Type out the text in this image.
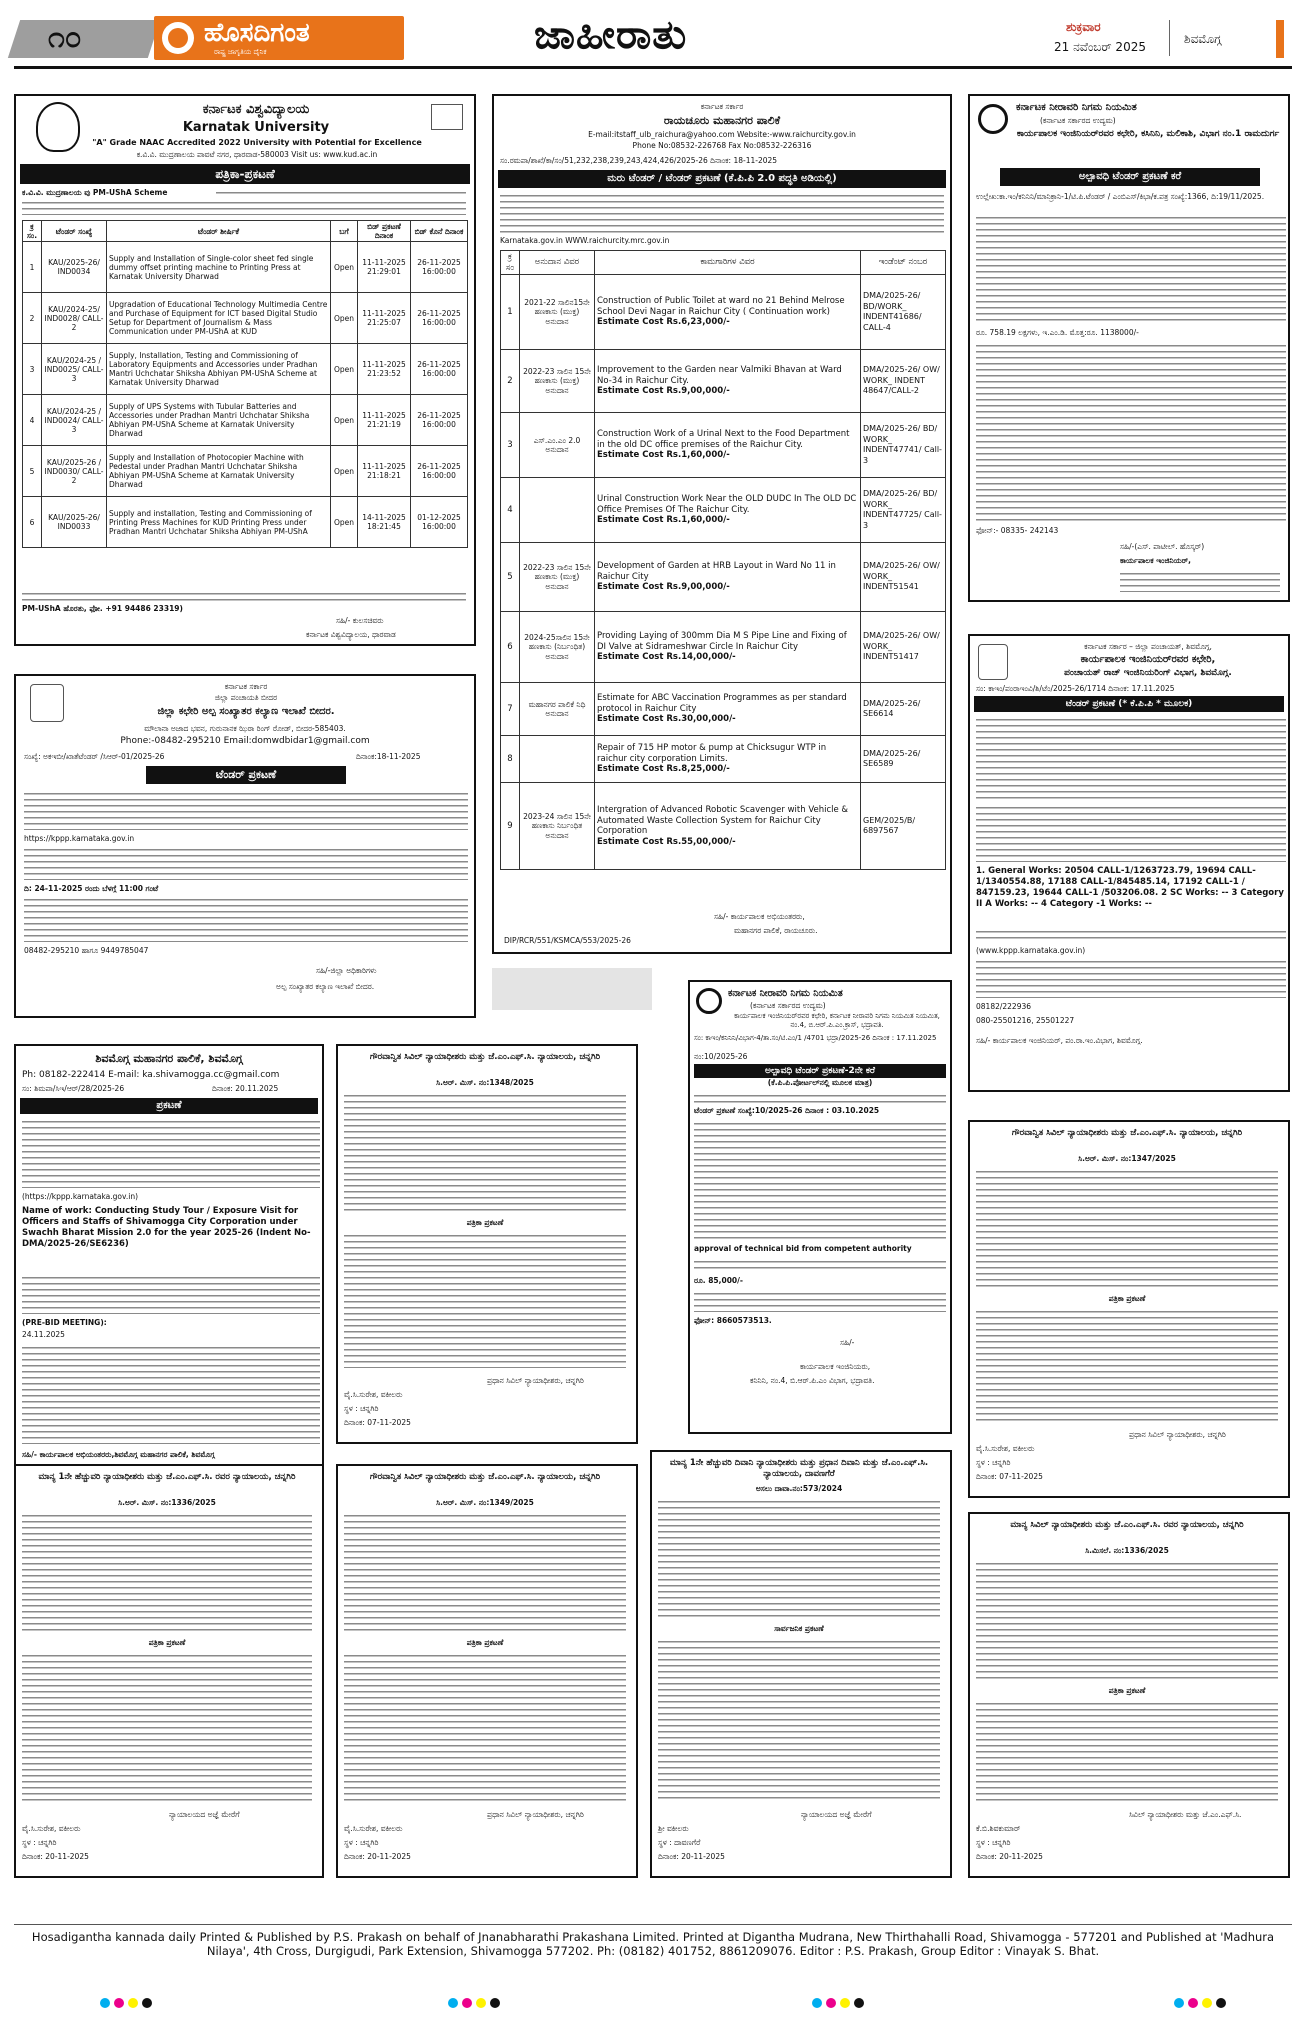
೧೦	ಹೊಸದಿಗಂತ
ರಾಷ್ಟ್ರ ಜಾಗೃತಿಯ ದೈನಿಕ	ಜಾಹೀರಾತು	ಶುಕ್ರವಾರ
21 ನವೆಂಬರ್ 2025
ಶಿವಮೊಗ್ಗ
ಕರ್ನಾಟಕ ವಿಶ್ವವಿದ್ಯಾಲಯ
Karnatak University
"A" Grade NAAC Accredited 2022 University with Potential for Excellence
ಕ.ವಿ.ವಿ. ಮುದ್ರಣಾಲಯ ಪಾವಟೆ ನಗರ, ಧಾರವಾಡ-580003 Visit us: www.kud.ac.in
ಪತ್ರಿಕಾ-ಪ್ರಕಟಣೆ
ಕ.ವಿ.ವಿ. ಮುದ್ರಣಾಲಯ ವು PM-UShA Scheme
ಕ್ರ ಸಂ.	ಟೆಂಡರ್ ಸಂಖ್ಯೆ	ಟೆಂಡರ್ ಶೀರ್ಷಿಕೆ	ಬಗೆ	ಬಿಡ್ ಪ್ರಕಟಣೆ ದಿನಾಂಕ	ಬಿಡ್ ಕೊನೆ ದಿನಾಂಕ
1	KAU/2025-26/ IND0034	Supply and Installation of Single-color sheet fed single dummy offset printing machine to Printing Press at Karnatak University Dharwad	Open	11-11-2025 21:29:01	26-11-2025 16:00:00
2	KAU/2024-25/ IND0028/ CALL-2	Upgradation of Educational Technology Multimedia Centre and Purchase of Equipment for ICT based Digital Studio Setup for Department of Journalism & Mass Communication under PM-UShA at KUD	Open	11-11-2025 21:25:07	26-11-2025 16:00:00
3	KAU/2024-25 / IND0025/ CALL-3	Supply, Installation, Testing and Commissioning of Laboratory Equipments and Accessories under Pradhan Mantri Uchchatar Shiksha Abhiyan PM-UShA Scheme at Karnatak University Dharwad	Open	11-11-2025 21:23:52	26-11-2025 16:00:00
4	KAU/2024-25 / IND0024/ CALL-3	Supply of UPS Systems with Tubular Batteries and Accessories under Pradhan Mantri Uchchatar Shiksha Abhiyan PM-UShA Scheme at Karnatak University Dharwad	Open	11-11-2025 21:21:19	26-11-2025 16:00:00
5	KAU/2025-26 / IND0030/ CALL-2	Supply and Installation of Photocopier Machine with Pedestal under Pradhan Mantri Uchchatar Shiksha Abhiyan PM-UShA Scheme at Karnatak University Dharwad	Open	11-11-2025 21:18:21	26-11-2025 16:00:00
6	KAU/2025-26/ IND0033	Supply and installation, Testing and Commissioning of Printing Press Machines for KUD Printing Press under Pradhan Mantri Uchchatar Shiksha Abhiyan PM-UShA	Open	14-11-2025 18:21:45	01-12-2025 16:00:00
PM-UShA ಹೊರತು, ಫೋ. +91 94486 23319)
ಸಹಿ/- ಕುಲಸಚಿವರು
ಕರ್ನಾಟಕ ವಿಶ್ವವಿದ್ಯಾಲಯ, ಧಾರವಾಡ
ಕರ್ನಾಟಕ ಸರ್ಕಾರ
ಜಿಲ್ಲಾ ಪಂಚಾಯತಿ ಬೀದರ
ಜಿಲ್ಲಾ ಕಛೇರಿ ಅಲ್ಪ ಸಂಖ್ಯಾತರ ಕಲ್ಯಾಣ ಇಲಾಖೆ ಬೀದರ.
ಮೌಲಾನಾ ಅಜಾದ ಭವನ, ಗುರುನಾನಕ ಝಿರಾ ರಿಂಗ್ ರೋಡ್, ಬೀದರ-585403.
Phone:-08482-295210 Email:domwdbidar1@gmail.com
ಸಂಖ್ಯೆ: ಅಕಇಬೀ/ಖಾತೆಟೆಂಡರ್ /ಸಿಆರ್-01/2025-26	ದಿನಾಂಕ:18-11-2025
ಟೆಂಡರ್ ಪ್ರಕಟಣೆ
https://kppp.karnataka.gov.in
ದಿ: 24-11-2025 ರಂದು ಬೆಳಗ್ಗೆ 11:00 ಗಂಟೆ
08482-295210 ಹಾಗೂ 9449785047
ಸಹಿ/-ಜಿಲ್ಲಾ ಅಧಿಕಾರಿಗಳು
ಅಲ್ಪ ಸಂಖ್ಯಾತರ ಕಲ್ಯಾಣ ಇಲಾಖೆ ಬೀದರ.
ಕರ್ನಾಟಕ ಸರ್ಕಾರ
ರಾಯಚೂರು ಮಹಾನಗರ ಪಾಲಿಕೆ
E-mail:itstaff_ulb_raichura@yahoo.com Website:-www.raichurcity.gov.in
Phone No:08532-226768 Fax No:08532-226316
ಸಂ.ರಮಪಾ/ಶಾಖೆ/ಕಾ/ಸಂ/51,232,238,239,243,424,426/2025-26 ದಿನಾಂಕ: 18-11-2025
ಮರು ಟೆಂಡರ್ / ಟೆಂಡರ್ ಪ್ರಕಟಣೆ (ಕೆ.ಪಿ.ಪಿ 2.0 ಪದ್ಧತಿ ಅಡಿಯಲ್ಲಿ)
Karnataka.gov.in WWW.raichurcity.mrc.gov.in
ಕ್ರ ಸಂ	ಅನುದಾನ ವಿವರ	ಕಾಮಗಾರಿಗಳ ವಿವರ	ಇಂಡೆಂಟ್ ನಂಬರ
1	2021-22 ಸಾಲಿನ15ನೇ ಹಣಕಾಸು (ಮುಕ್ತ) ಅನುದಾನ	Construction of Public Toilet at ward no 21 Behind Melrose School Devi Nagar in Raichur City ( Continuation work)
Estimate Cost Rs.6,23,000/-	DMA/2025-26/ BD/WORK_ INDENT41686/ CALL-4
2	2022-23 ಸಾಲಿನ 15ನೇ ಹಣಕಾಸು (ಮುಕ್ತ) ಅನುದಾನ	Improvement to the Garden near Valmiki Bhavan at Ward No-34 in Raichur City.
Estimate Cost Rs.9,00,000/-	DMA/2025-26/ OW/ WORK_ INDENT 48647/CALL-2
3	ಎಸ್.ಎಂ.ಎಂ 2.0 ಅನುದಾನ	Construction Work of a Urinal Next to the Food Department in the old DC office premises of the Raichur City.
Estimate Cost Rs.1,60,000/-	DMA/2025-26/ BD/ WORK_ INDENT47741/ Call-3
4		Urinal Construction Work Near the OLD DUDC In The OLD DC Office Premises Of The Raichur City.
Estimate Cost Rs.1,60,000/-	DMA/2025-26/ BD/ WORK_ INDENT47725/ Call-3
5	2022-23 ಸಾಲಿನ 15ನೇ ಹಣಕಾಸು (ಮುಕ್ತ) ಅನುದಾನ	Development of Garden at HRB Layout in Ward No 11 in Raichur City
Estimate Cost Rs.9,00,000/-	DMA/2025-26/ OW/ WORK_ INDENT51541
6	2024-25ಸಾಲಿನ 15ನೇ ಹಣಕಾಸು (ನಿರ್ಬಂಧಿತ) ಅನುದಾನ	Providing Laying of 300mm Dia M S Pipe Line and Fixing of DI Valve at Sidrameshwar Circle In Raichur City
Estimate Cost Rs.14,00,000/-	DMA/2025-26/ OW/ WORK_ INDENT51417
7	ಮಹಾನಗರ ಪಾಲಿಕೆ ನಿಧಿ ಅನುದಾನ	Estimate for ABC Vaccination Programmes as per standard protocol in Raichur City
Estimate Cost Rs.30,00,000/-	DMA/2025-26/ SE6614
8		Repair of 715 HP motor & pump at Chicksugur WTP in raichur city corporation Limits.
Estimate Cost Rs.8,25,000/-	DMA/2025-26/ SE6589
9	2023-24 ಸಾಲಿನ 15ನೇ ಹಣಕಾಸು ನಿರ್ಬಂಧಿತ ಅನುದಾನ	Intergration of Advanced Robotic Scavenger with Vehicle & Automated Waste Collection System for Raichur City Corporation
Estimate Cost Rs.55,00,000/-	GEM/2025/B/ 6897567
ಸಹಿ/- ಕಾರ್ಯಪಾಲಕ ಅಭಿಯಂತರರು,
ಮಹಾನಗರ ಪಾಲಿಕೆ, ರಾಯಚೂರು.
DIP/RCR/551/KSMCA/553/2025-26
ಕರ್ನಾಟಕ ನೀರಾವರಿ ನಿಗಮ ನಿಯಮಿತ
(ಕರ್ನಾಟಕ ಸರ್ಕಾರದ ಉದ್ಯಮ)
ಕಾರ್ಯಪಾಲಕ ಇಂಜಿನಿಯರ್‌ರವರ ಕಛೇರಿ, ಕಸಿನಿನಿ, ಮಲಿಕಾಶಿ, ವಿಭಾಗ ನಂ.1 ರಾಮದುರ್ಗ
ಅಲ್ಪಾವಧಿ ಟೆಂಡರ್ ಪ್ರಕಟಣೆ ಕರೆ
ಉಲ್ಲೇಖ:ಕಾ.ಇಂ/ಕನಿನಿನಿ/ಮಾನಿಕ್ರಾನಿ-1/ಟಿ.ಪಿ.ಟೆಂಡರ್ / ಎಂಬಿಎಸ್/ಕಿಭಾ/ಕ.ಪತ್ರ ಸಂಖ್ಯೆ:1366, ದಿ:19/11/2025.
ರೂ. 758.19 ಲಕ್ಷಗಳು, ಇ.ಎಂ.ಡಿ. ಮೊತ್ತ:ರೂ. 1138000/-
ಫೋನ್:- 08335- 242143
ಸಹಿ/-(ಎಸ್. ಪಾಟೀಲ್. ಹೊಸ್ಕರ್)
ಕಾರ್ಯಪಾಲಕ ಇಂಜಿನಿಯರ್,
ಕರ್ನಾಟಕ ಸರ್ಕಾರ – ಜಿಲ್ಲಾ ಪಂಚಾಯತ್, ಶಿವಮೊಗ್ಗ,
ಕಾರ್ಯಪಾಲಕ ಇಂಜಿನಿಯರ್‌ರವರ ಕಛೇರಿ,
ಪಂಚಾಯತ್ ರಾಜ್ ಇಂಜಿನಿಯರಿಂಗ್ ವಿಭಾಗ, ಶಿವಮೊಗ್ಗ.
ಸಂ: ಕಾಇಂ/ಪಂರಾಇಂವಿ/ಶಿ/ಟೆಂ/2025-26/1714 ದಿನಾಂಕ: 17.11.2025
ಟೆಂಡರ್ ಪ್ರಕಟಣೆ (* ಕೆ.ಪಿ.ಪಿ * ಮೂಲಕ)
1. General Works: 20504 CALL-1/1263723.79, 19694 CALL-1/1340554.88, 17188 CALL-1/845485.14, 17192 CALL-1 / 847159.23, 19644 CALL-1 /503206.08. 2 SC Works: -- 3 Category II A Works: -- 4 Category -1 Works: --
(www.kppp.karnataka.gov.in)
08182/222936
080-25501216, 25501227
ಸಹಿ/- ಕಾರ್ಯಪಾಲಕ ಇಂಜಿನಿಯರ್, ಪಂ.ರಾ.ಇಂ.ವಿಭಾಗ, ಶಿವಮೊಗ್ಗ.
ಶಿವಮೊಗ್ಗ ಮಹಾನಗರ ಪಾಲಿಕೆ, ಶಿವಮೊಗ್ಗ
Ph: 08182-222414 E-mail: ka.shivamogga.cc@gmail.com
ಸಂ: ಶಿಮಪಾ/ಸಿಇ/ಆರ್/28/2025-26	ದಿನಾಂಕ: 20.11.2025
ಪ್ರಕಟಣೆ
(https://kppp.karnataka.gov.in)
Name of work: Conducting Study Tour / Exposure Visit for Officers and Staffs of Shivamogga City Corporation under Swachh Bharat Mission 2.0 for the year 2025-26 (Indent No- DMA/2025-26/SE6236)
(PRE-BID MEETING):
24.11.2025
ಸಹಿ/- ಕಾರ್ಯಪಾಲಕ ಅಭಿಯಂತರರು,ಶಿವಮೊಗ್ಗ ಮಹಾನಗರ ಪಾಲಿಕೆ, ಶಿವಮೊಗ್ಗ
ಕರ್ನಾಟಕ ನೀರಾವರಿ ನಿಗಮ ನಿಯಮಿತ
(ಕರ್ನಾಟಕ ಸರ್ಕಾರದ ಉದ್ಯಮ)
ಕಾರ್ಯಪಾಲಕ ಇಂಜಿನಿಯರ್‌ರವರ ಕಛೇರಿ, ಕರ್ನಾಟಕ ನೀರಾವರಿ ನಿಗಮ ನಿಯಮಿತ ನಿಯಮಿತ, ನಂ.4, ಬಿ.ಆರ್.ಪಿ.ಎಂ.ಕ್ರಾಸ್, ಭದ್ರಾವತಿ.
ಸಂ: ಕಾಇಂ/ಕನಿನಿನಿ/ವಿಭಾಗ-4/ತಾ.ಸಂ/ಟಿ.ಎಂ/1 /4701 ಭದ್ರಾ/2025-26 ದಿನಾಂಕ : 17.11.2025
ನಂ:10/2025-26
ಅಲ್ಪಾವಧಿ ಟೆಂಡರ್ ಪ್ರಕಟಣೆ-2ನೇ ಕರೆ
(ಕೆ.ಪಿ.ಪಿ.ಪೋರ್ಟಲ್‌ನಲ್ಲಿ ಮೂಲಕ ಮಾತ್ರ)
ಟೆಂಡರ್ ಪ್ರಕಟಣೆ ಸಂಖ್ಯೆ:10/2025-26 ದಿನಾಂಕ : 03.10.2025
approval of technical bid from competent authority
ರೂ. 85,000/-
ಫೋನ್: 8660573513.
ಸಹಿ/-
ಕಾರ್ಯಪಾಲಕ ಇಂಜಿನಿಯರು,
ಕನಿನಿನಿ, ನಂ.4, ಬಿ.ಆರ್.ಪಿ.ಎಂ ವಿಭಾಗ, ಭದ್ರಾವತಿ.
ಗೌರವಾನ್ವಿತ ಸಿವಿಲ್ ನ್ಯಾಯಾಧೀಶರು ಮತ್ತು ಜೆ.ಎಂ.ಎಫ್.ಸಿ. ನ್ಯಾಯಾಲಯ, ಚನ್ನಗಿರಿ
ಸಿ.ಅರ್. ಮಿಸ್. ನಂ:1348/2025
ಪತ್ರಿಕಾ ಪ್ರಕಟಣೆ
ಪ್ರಧಾನ ಸಿವಿಲ್ ನ್ಯಾಯಾಧೀಶರು, ಚನ್ನಗಿರಿ
ವೈ.ಸಿ.ಸುರೇಶ, ವಕೀಲರು
ಸ್ಥಳ : ಚನ್ನಗಿರಿ
ದಿನಾಂಕ: 07-11-2025
ಗೌರವಾನ್ವಿತ ಸಿವಿಲ್ ನ್ಯಾಯಾಧೀಶರು ಮತ್ತು ಜೆ.ಎಂ.ಎಫ್.ಸಿ. ನ್ಯಾಯಾಲಯ, ಚನ್ನಗಿರಿ
ಸಿ.ಅರ್. ಮಿಸ್. ನಂ:1347/2025
ಪತ್ರಿಕಾ ಪ್ರಕಟಣೆ
ಪ್ರಧಾನ ಸಿವಿಲ್ ನ್ಯಾಯಾಧೀಶರು, ಚನ್ನಗಿರಿ
ವೈ.ಸಿ.ಸುರೇಶ, ವಕೀಲರು
ಸ್ಥಳ : ಚನ್ನಗಿರಿ
ದಿನಾಂಕ: 07-11-2025
ಮಾನ್ಯ 1ನೇ ಹೆಚ್ಚುವರಿ ನ್ಯಾಯಾಧೀಶರು ಮತ್ತು ಜೆ.ಎಂ.ಎಫ್.ಸಿ. ರವರ ನ್ಯಾಯಾಲಯ, ಚನ್ನಗಿರಿ
ಸಿ.ಅರ್. ಮಿಸ್. ನಂ:1336/2025
ಪತ್ರಿಕಾ ಪ್ರಕಟಣೆ
ನ್ಯಾಯಾಲಯದ ಅಜ್ಞೆ ಮೇರೆಗೆ
ವೈ.ಸಿ.ಸುರೇಶ, ವಕೀಲರು
ಸ್ಥಳ : ಚನ್ನಗಿರಿ
ದಿನಾಂಕ: 20-11-2025
ಗೌರವಾನ್ವಿತ ಸಿವಿಲ್ ನ್ಯಾಯಾಧೀಶರು ಮತ್ತು ಜೆ.ಎಂ.ಎಫ್.ಸಿ. ನ್ಯಾಯಾಲಯ, ಚನ್ನಗಿರಿ
ಸಿ.ಅರ್. ಮಿಸ್. ನಂ:1349/2025
ಪತ್ರಿಕಾ ಪ್ರಕಟಣೆ
ಪ್ರಧಾನ ಸಿವಿಲ್ ನ್ಯಾಯಾಧೀಶರು, ಚನ್ನಗಿರಿ
ವೈ.ಸಿ.ಸುರೇಶ, ವಕೀಲರು
ಸ್ಥಳ : ಚನ್ನಗಿರಿ
ದಿನಾಂಕ: 20-11-2025
ಮಾನ್ಯ 1ನೇ ಹೆಚ್ಚುವರಿ ದಿವಾನಿ ನ್ಯಾಯಾಧೀಶರು ಮತ್ತು ಪ್ರಧಾನ ದಿವಾನಿ ಮತ್ತು ಜೆ.ಎಂ.ಎಫ್.ಸಿ. ನ್ಯಾಯಾಲಯ, ದಾವಣಗೆರೆ
ಅಸಲು ದಾವಾ.ನಂ:573/2024
ಸಾರ್ವಜನಿಕ ಪ್ರಕಟಣೆ
ನ್ಯಾಯಾಲಯದ ಅಜ್ಞೆ ಮೇರೆಗೆ
ಶ್ರೀ ವಕೀಲರು
ಸ್ಥಳ : ದಾವಣಗೆರೆ
ದಿನಾಂಕ: 20-11-2025
ಮಾನ್ಯ ಸಿವಿಲ್ ನ್ಯಾಯಾಧೀಶರು ಮತ್ತು ಜೆ.ಎಂ.ಎಫ್.ಸಿ. ರವರ ನ್ಯಾಯಾಲಯ, ಚನ್ನಗಿರಿ
ಸಿ.ಮಿಸಲೆ. ನಂ:1336/2025
ಪತ್ರಿಕಾ ಪ್ರಕಟಣೆ
ಸಿವಿಲ್ ನ್ಯಾಯಾಧೀಶರು ಮತ್ತು ಜೆ.ಎಂ.ಎಫ್.ಸಿ.
ಕೆ.ಬಿ.ಶಿವಕುಮಾರ್
ಸ್ಥಳ : ಚನ್ನಗಿರಿ
ದಿನಾಂಕ: 20-11-2025
Hosadigantha kannada daily Printed & Published by P.S. Prakash on behalf of Jnanabharathi Prakashana Limited. Printed at Diganthа Mudrana, New Thirthahalli Road, Shivamogga - 577201 and Published at 'Madhura Nilaya', 4th Cross, Durgigudi, Park Extension, Shivamogga 577202. Ph: (08182) 401752, 8861209076. Editor : P.S. Prakash, Group Editor : Vinayak S. Bhat.
